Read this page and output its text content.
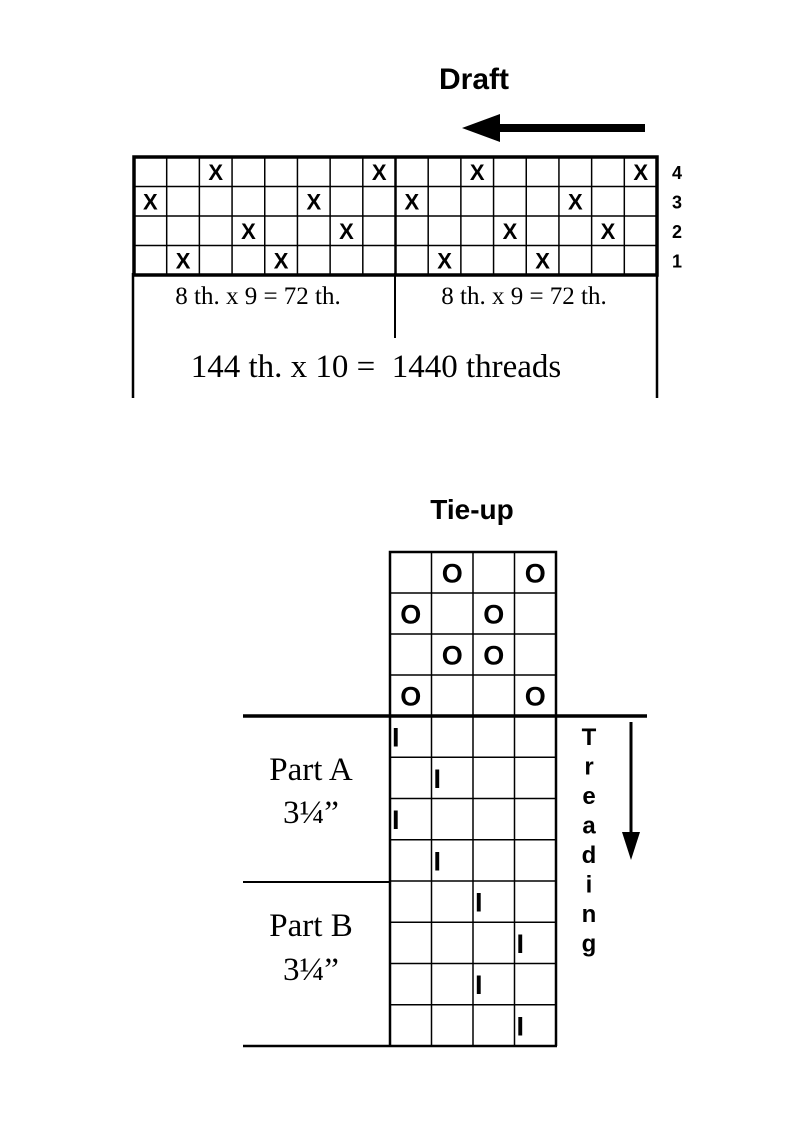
Draft
X
X
X
X
X
X
X
X
X
X
X
X
X
X
X
X 4
3
2
1
8 th. x 9 = 72 th.	8 th. x 9 = 72 th.
144 th. x 10 =  1440 threads
Tie-up
O O
O O
O O
O	O
I
I
I
I
I
I
I
I
T
r
e
a
d
i
n
g
Part A
3¼”
Part B
3¼”
